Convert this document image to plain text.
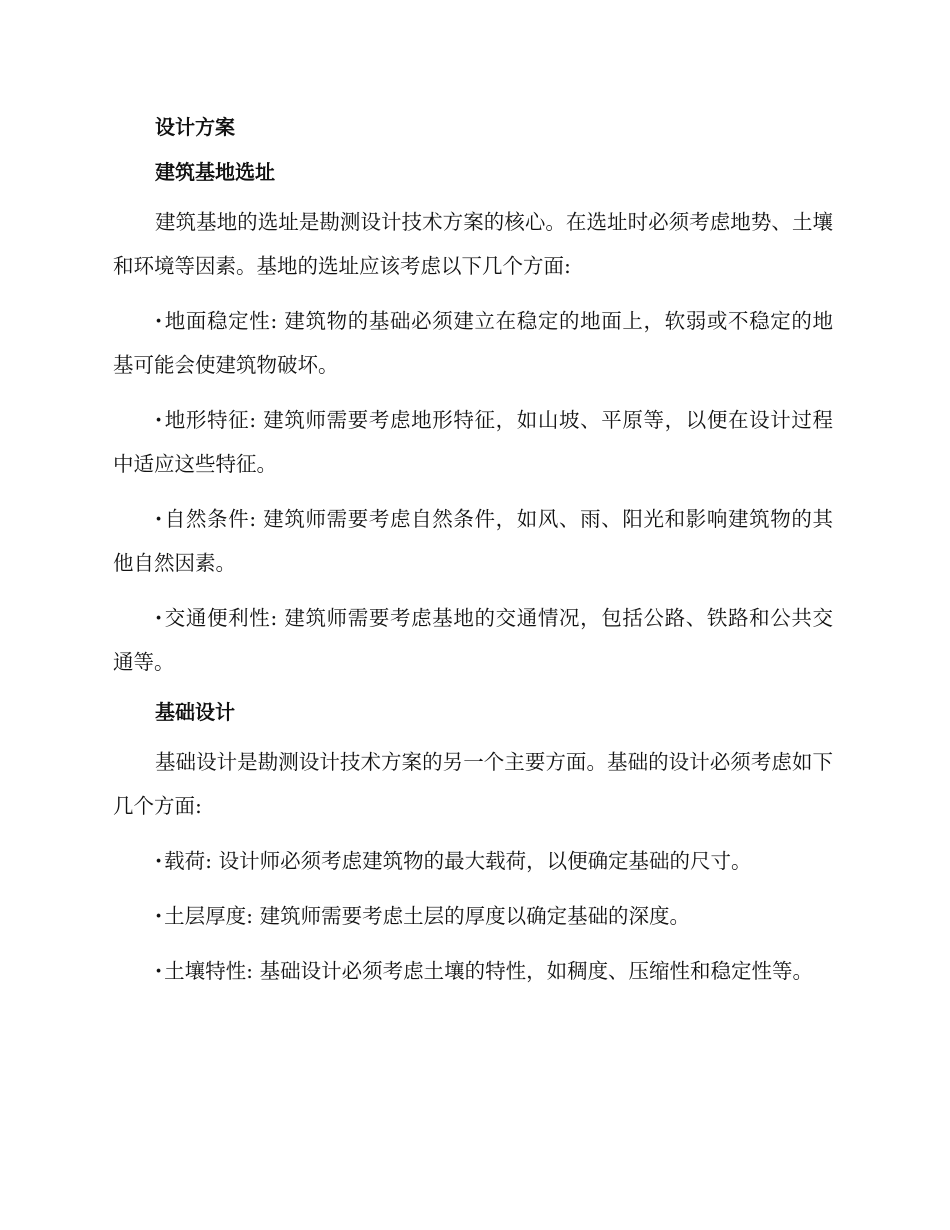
设计方案
建筑基地选址

建筑基地的选址是勘测设计技术方案的核心。在选址时必须考虑地势、土壤和环境等因素。基地的选址应该考虑以下几个方面:

·地面稳定性: 建筑物的基础必须建立在稳定的地面上，软弱或不稳定的地基可能会使建筑物破坏。

·地形特征: 建筑师需要考虑地形特征，如山坡、平原等，以便在设计过程中适应这些特征。

·自然条件: 建筑师需要考虑自然条件，如风、雨、阳光和影响建筑物的其他自然因素。

·交通便利性: 建筑师需要考虑基地的交通情况，包括公路、铁路和公共交通等。

基础设计

基础设计是勘测设计技术方案的另一个主要方面。基础的设计必须考虑如下几个方面:

·载荷: 设计师必须考虑建筑物的最大载荷，以便确定基础的尺寸。

·土层厚度: 建筑师需要考虑土层的厚度以确定基础的深度。

·土壤特性: 基础设计必须考虑土壤的特性，如稠度、压缩性和稳定性等。
